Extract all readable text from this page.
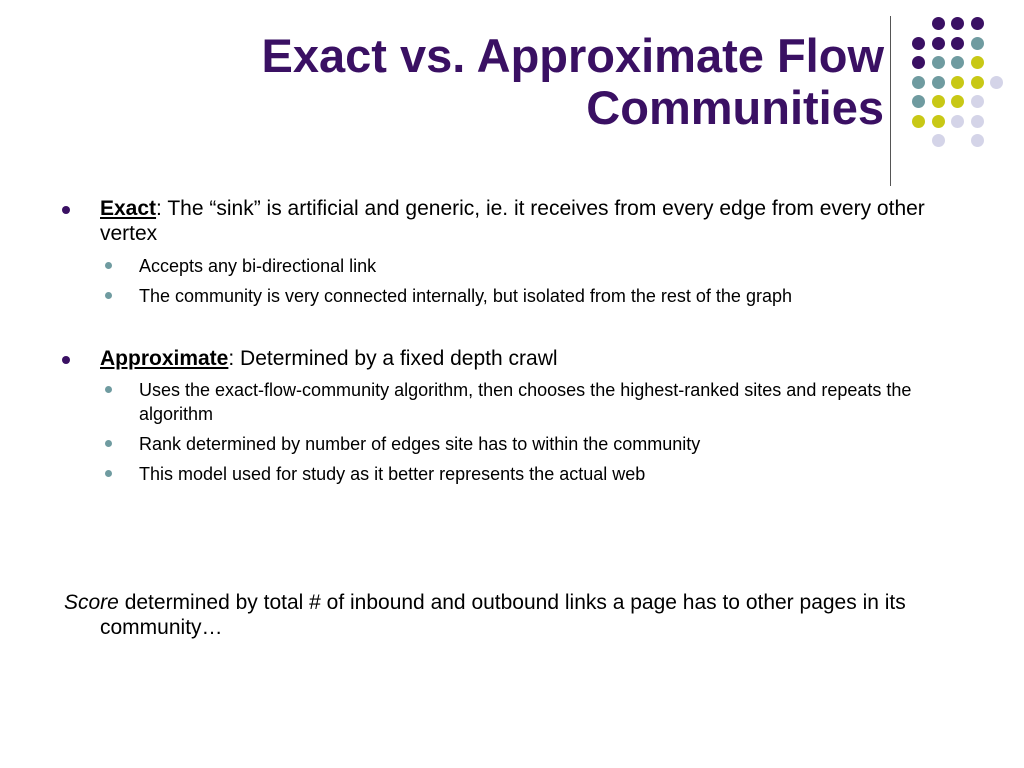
Exact vs. Approximate Flow
Communities
Exact: The “sink” is artificial and generic, ie. it receives from every edge from every other vertex
Accepts any bi-directional link
The community is very connected internally, but isolated from the rest of the graph
Approximate: Determined by a fixed depth crawl
Uses the exact-flow-community algorithm, then chooses the highest-ranked sites and repeats the algorithm
Rank determined by number of edges site has to within the community
This model used for study as it better represents the actual web
Score determined by total # of inbound and outbound links a page has to other pages in its community…
